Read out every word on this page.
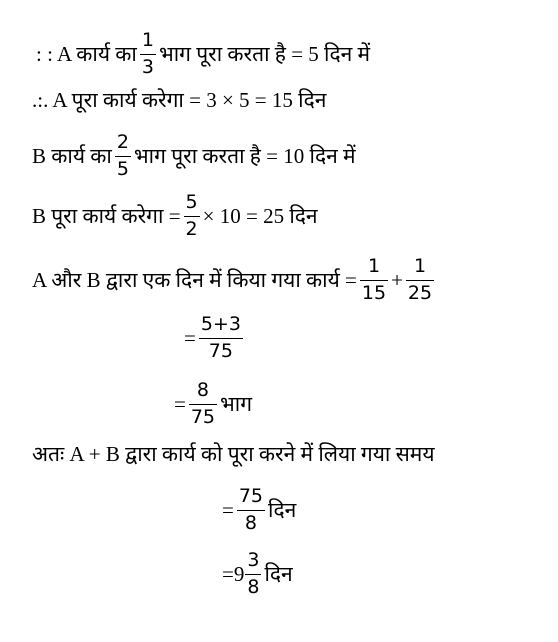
: : A कार्य का $\frac{1}{3}$ भाग पूरा करता है = 5 दिन में
.:. A पूरा कार्य करेगा = 3 × 5 = 15 दिन
B कार्य का $\frac{2}{5}$ भाग पूरा करता है = 10 दिन में
B पूरा कार्य करेगा = $\frac{5}{2} \times 10 = 25$ दिन
A और B द्वारा एक दिन में किया गया कार्य = $\frac{1}{15} + \frac{1}{25}$
= $\frac{5+3}{75}$
= $\frac{8}{75}$ भाग
अतः A + B द्वारा कार्य को पूरा करने में लिया गया समय
= $\frac{75}{8}$ दिन
= $9 \frac{3}{8}$ दिन
